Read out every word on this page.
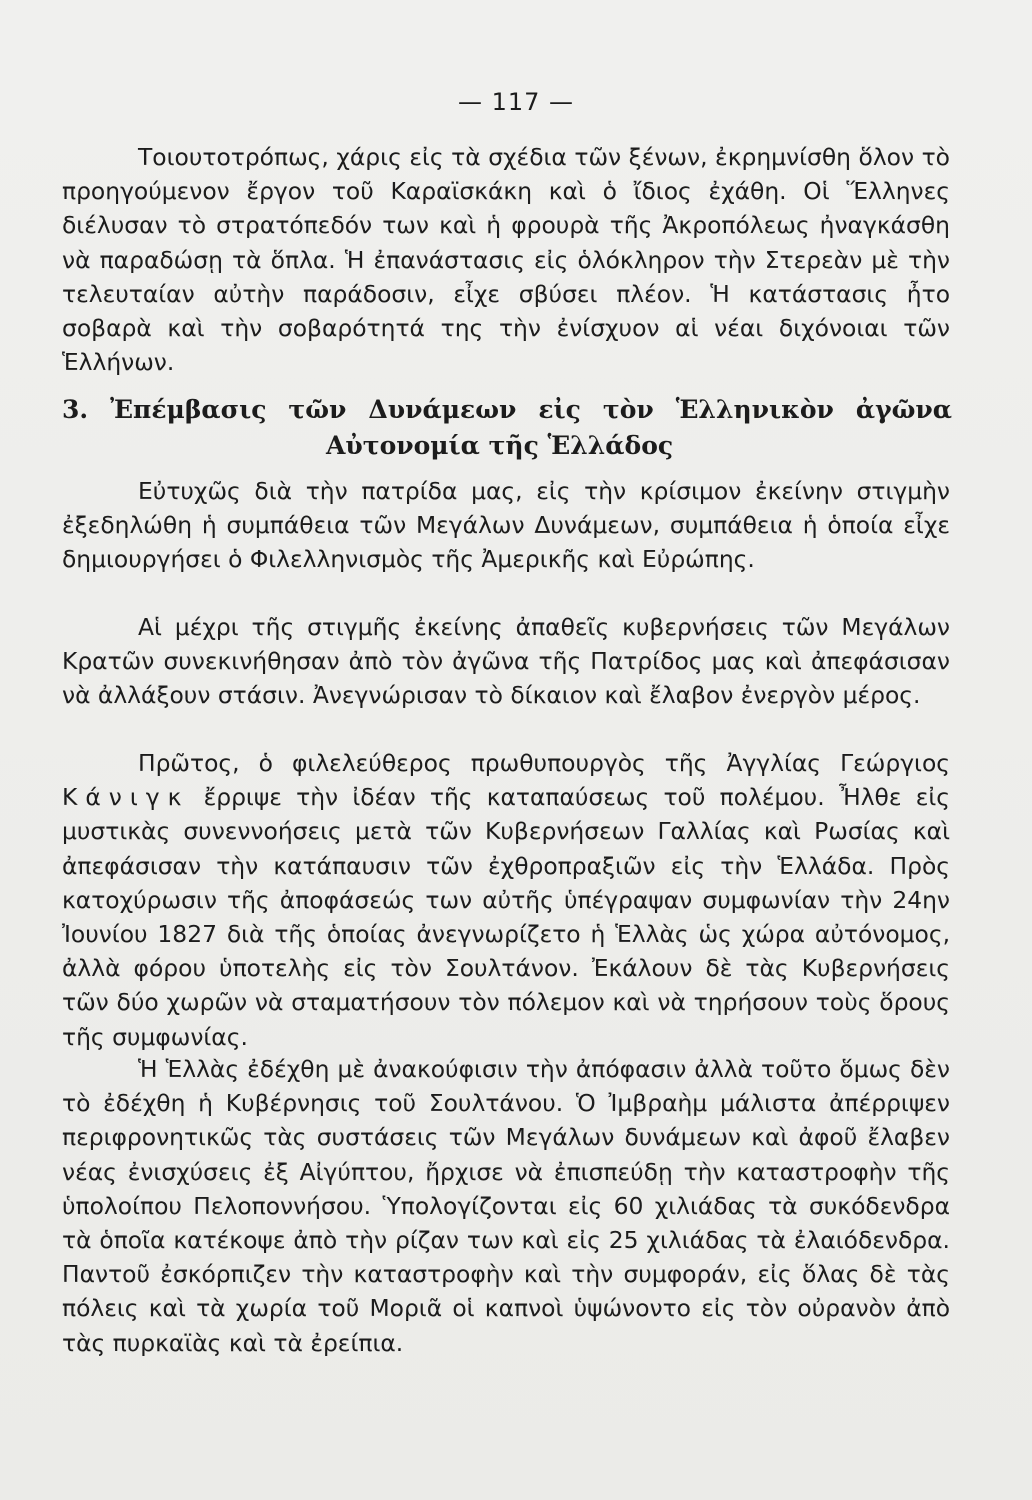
— 117 —

Τοιουτοτρόπως, χάρις εἰς τὰ σχέδια τῶν ξένων, ἐκρημνίσθη ὅλον τὸ προηγούμενον ἔργον τοῦ Καραϊσκάκη καὶ ὁ ἴδιος ἐχάθη. Οἱ Ἕλληνες διέλυσαν τὸ στρατόπεδόν των καὶ ἡ φρουρὰ τῆς Ἀκροπόλεως ἠναγκάσθη νὰ παραδώσῃ τὰ ὅπλα. Ἡ ἐπανάστασις εἰς ὁλόκληρον τὴν Στερεὰν μὲ τὴν τελευταίαν αὐτὴν παράδοσιν, εἶχε σβύσει πλέον. Ἡ κατάστασις ἦτο σοβαρὰ καὶ τὴν σοβαρότητά της τὴν ἐνίσχυον αἱ νέαι διχόνοιαι τῶν Ἑλλήνων.

3. Ἐπέμβασις τῶν Δυνάμεων εἰς τὸν Ἑλληνικὸν ἀγῶνα
Αὐτονομία τῆς Ἑλλάδος

Εὐτυχῶς διὰ τὴν πατρίδα μας, εἰς τὴν κρίσιμον ἐκείνην στιγμὴν ἐξεδηλώθη ἡ συμπάθεια τῶν Μεγάλων Δυνάμεων, συμπάθεια ἡ ὁποία εἶχε δημιουργήσει ὁ Φιλελληνισμὸς τῆς Ἀμερικῆς καὶ Εὐρώπης.

Αἱ μέχρι τῆς στιγμῆς ἐκείνης ἀπαθεῖς κυβερνήσεις τῶν Μεγάλων Κρατῶν συνεκινήθησαν ἀπὸ τὸν ἀγῶνα τῆς Πατρίδος μας καὶ ἀπεφάσισαν νὰ ἀλλάξουν στάσιν. Ἀνεγνώρισαν τὸ δίκαιον καὶ ἔλαβον ἐνεργὸν μέρος.

Πρῶτος, ὁ φιλελεύθερος πρωθυπουργὸς τῆς Ἀγγλίας Γεώργιος Κάνιγκ ἔρριψε τὴν ἰδέαν τῆς καταπαύσεως τοῦ πολέμου. Ἦλθε εἰς μυστικὰς συνεννοήσεις μετὰ τῶν Κυβερνήσεων Γαλλίας καὶ Ρωσίας καὶ ἀπεφάσισαν τὴν κατάπαυσιν τῶν ἐχθροπραξιῶν εἰς τὴν Ἑλλάδα. Πρὸς κατοχύρωσιν τῆς ἀποφάσεώς των αὐτῆς ὑπέγραψαν συμφωνίαν τὴν 24ην Ἰουνίου 1827 διὰ τῆς ὁποίας ἀνεγνωρίζετο ἡ Ἑλλὰς ὡς χώρα αὐτόνομος, ἀλλὰ φόρου ὑποτελὴς εἰς τὸν Σουλτάνον. Ἐκάλουν δὲ τὰς Κυβερνήσεις τῶν δύο χωρῶν νὰ σταματήσουν τὸν πόλεμον καὶ νὰ τηρήσουν τοὺς ὅρους τῆς συμφωνίας.

Ἡ Ἑλλὰς ἐδέχθη μὲ ἀνακούφισιν τὴν ἀπόφασιν ἀλλὰ τοῦτο ὅμως δὲν τὸ ἐδέχθη ἡ Κυβέρνησις τοῦ Σουλτάνου. Ὁ Ἰμβραὴμ μάλιστα ἀπέρριψεν περιφρονητικῶς τὰς συστάσεις τῶν Μεγάλων δυνάμεων καὶ ἀφοῦ ἔλαβεν νέας ἐνισχύσεις ἐξ Αἰγύπτου, ἤρχισε νὰ ἐπισπεύδῃ τὴν καταστροφὴν τῆς ὑπολοίπου Πελοποννήσου. Ὑπολογίζονται εἰς 60 χιλιάδας τὰ συκόδενδρα τὰ ὁποῖα κατέκοψε ἀπὸ τὴν ρίζαν των καὶ εἰς 25 χιλιάδας τὰ ἐλαιόδενδρα. Παντοῦ ἐσκόρπιζεν τὴν καταστροφὴν καὶ τὴν συμφοράν, εἰς ὅλας δὲ τὰς πόλεις καὶ τὰ χωρία τοῦ Μοριᾶ οἱ καπνοὶ ὑψώνοντο εἰς τὸν οὐρανὸν ἀπὸ τὰς πυρκαϊὰς καὶ τὰ ἐρείπια.
